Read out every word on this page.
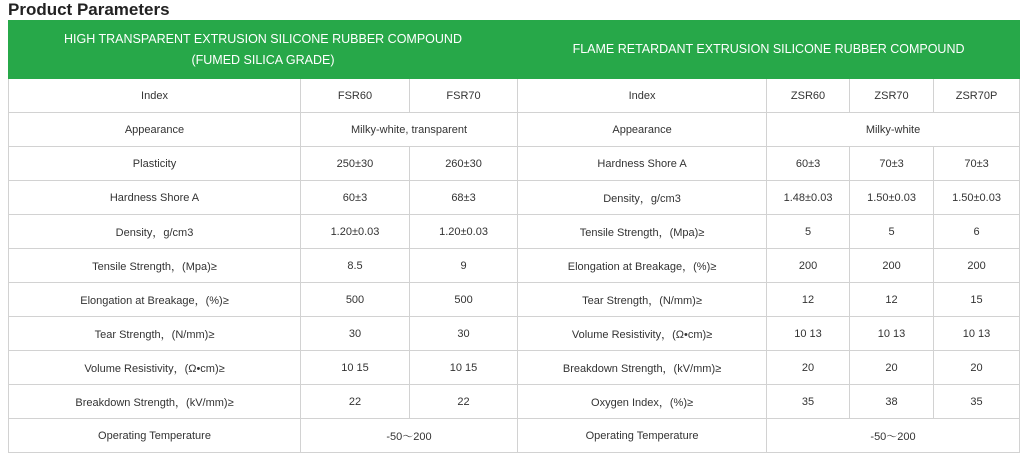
Product Parameters
HIGH TRANSPARENT EXTRUSION SILICONE RUBBER COMPOUND
(FUMED SILICA GRADE)			FLAME RETARDANT EXTRUSION SILICONE RUBBER COMPOUND			

Index	FSR60	FSR70	Index	ZSR60	ZSR70	ZSR70P
Appearance	Milky-white, transparent		Appearance	Milky-white		
Plasticity	250±30	260±30	Hardness Shore A	60±3	70±3	70±3
Hardness Shore A	60±3	68±3	Density，g/cm3	1.48±0.03	1.50±0.03	1.50±0.03
Density，g/cm3	1.20±0.03	1.20±0.03	Tensile Strength，(Mpa)≥	5	5	6
Tensile Strength，(Mpa)≥	8.5	9	Elongation at Breakage，(%)≥	200	200	200
Elongation at Breakage，(%)≥	500	500	Tear Strength，(N/mm)≥	12	12	15
Tear Strength，(N/mm)≥	30	30	Volume Resistivity，(Ω•cm)≥	10 13	10 13	10 13
Volume Resistivity，(Ω•cm)≥	10 15	10 15	Breakdown Strength，(kV/mm)≥	20	20	20
Breakdown Strength，(kV/mm)≥	22	22	Oxygen Index，(%)≥	35	38	35
Operating Temperature	-50～200		Operating Temperature	-50～200		
